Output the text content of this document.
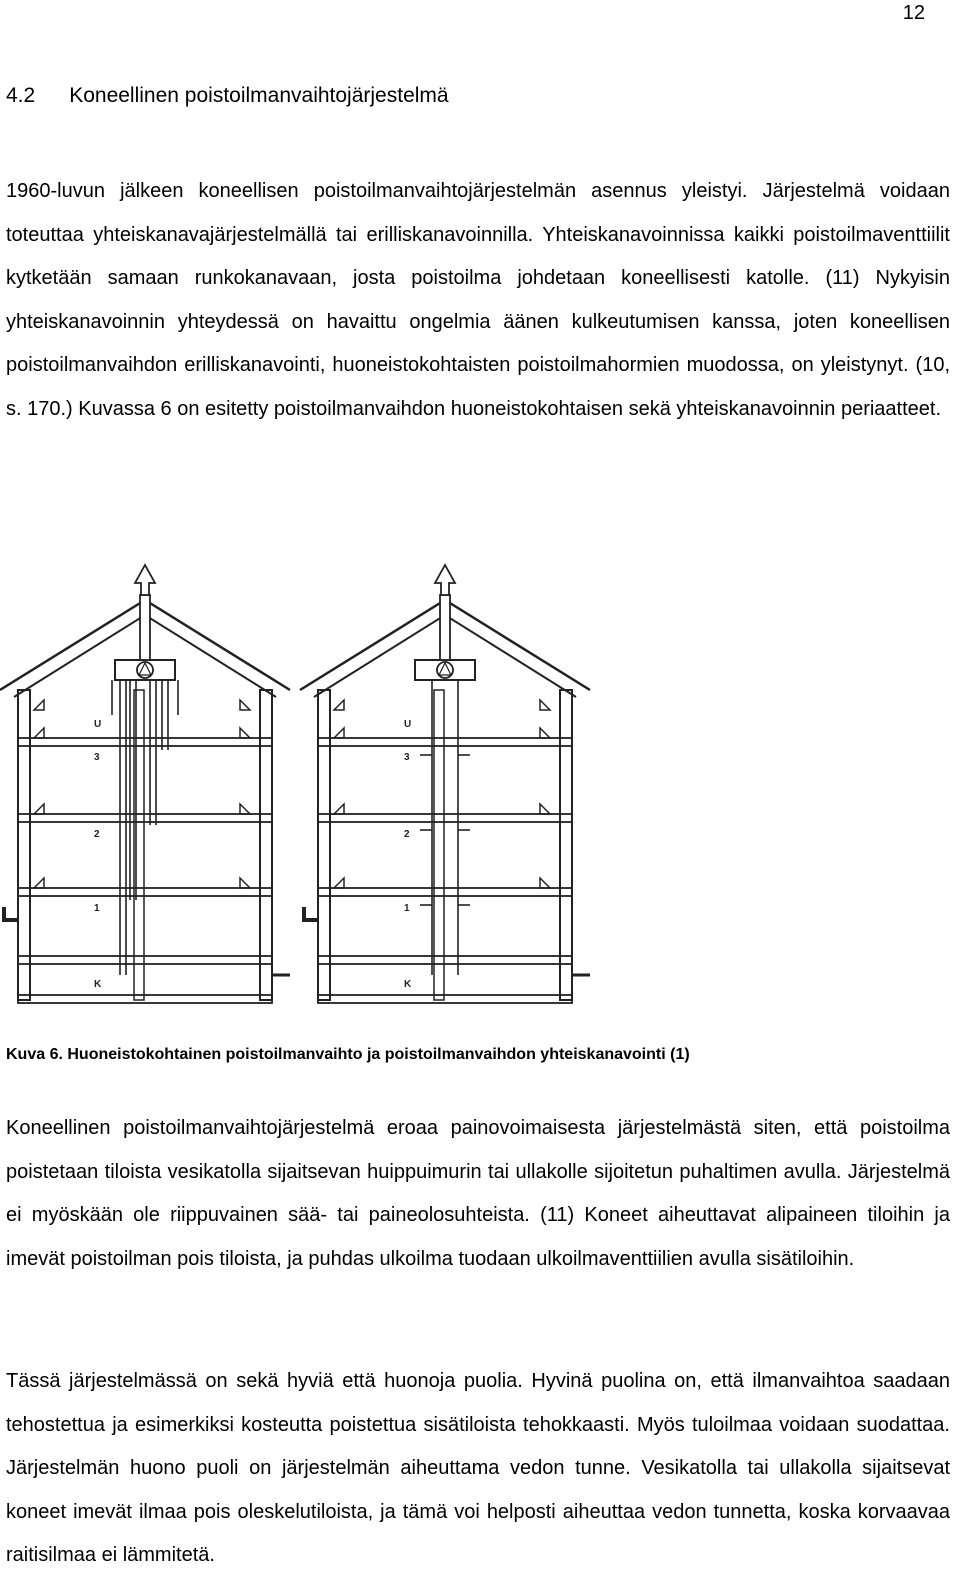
12
4.2 Koneellinen poistoilmanvaihtojärjestelmä

1960-luvun jälkeen koneellisen poistoilmanvaihtojärjestelmän asennus yleistyi. Järjestelmä voidaan toteuttaa yhteiskanavajärjestelmällä tai erilliskanavoinnilla. Yhteiskanavoinnissa kaikki poistoilmaventtiilit kytketään samaan runkokanavaan, josta poistoilma johdetaan koneellisesti katolle. (11) Nykyisin yhteiskanavoinnin yhteydessä on havaittu ongelmia äänen kulkeutumisen kanssa, joten koneellisen poistoilmanvaihdon erilliskanavointi, huoneistokohtaisten poistoilmahormien muodossa, on yleistynyt. (10, s. 170.) Kuvassa 6 on esitetty poistoilmanvaihdon huoneistokohtaisen sekä yhteiskanavoinnin periaatteet.

U
3
2
1
K
U
3
2
1
K
Kuva 6. Huoneistokohtainen poistoilmanvaihto ja poistoilmanvaihdon yhteiskanavointi (1)

Koneellinen poistoilmanvaihtojärjestelmä eroaa painovoimaisesta järjestelmästä siten, että poistoilma poistetaan tiloista vesikatolla sijaitsevan huippuimurin tai ullakolle sijoitetun puhaltimen avulla. Järjestelmä ei myöskään ole riippuvainen sää- tai paineolosuhteista. (11) Koneet aiheuttavat alipaineen tiloihin ja imevät poistoilman pois tiloista, ja puhdas ulkoilma tuodaan ulkoilmaventtiilien avulla sisätiloihin.

Tässä järjestelmässä on sekä hyviä että huonoja puolia. Hyvinä puolina on, että ilmanvaihtoa saadaan tehostettua ja esimerkiksi kosteutta poistettua sisätiloista tehokkaasti. Myös tuloilmaa voidaan suodattaa. Järjestelmän huono puoli on järjestelmän aiheuttama vedon tunne. Vesikatolla tai ullakolla sijaitsevat koneet imevät ilmaa pois oleskelutiloista, ja tämä voi helposti aiheuttaa vedon tunnetta, koska korvaavaa raitisilmaa ei lämmitetä.
